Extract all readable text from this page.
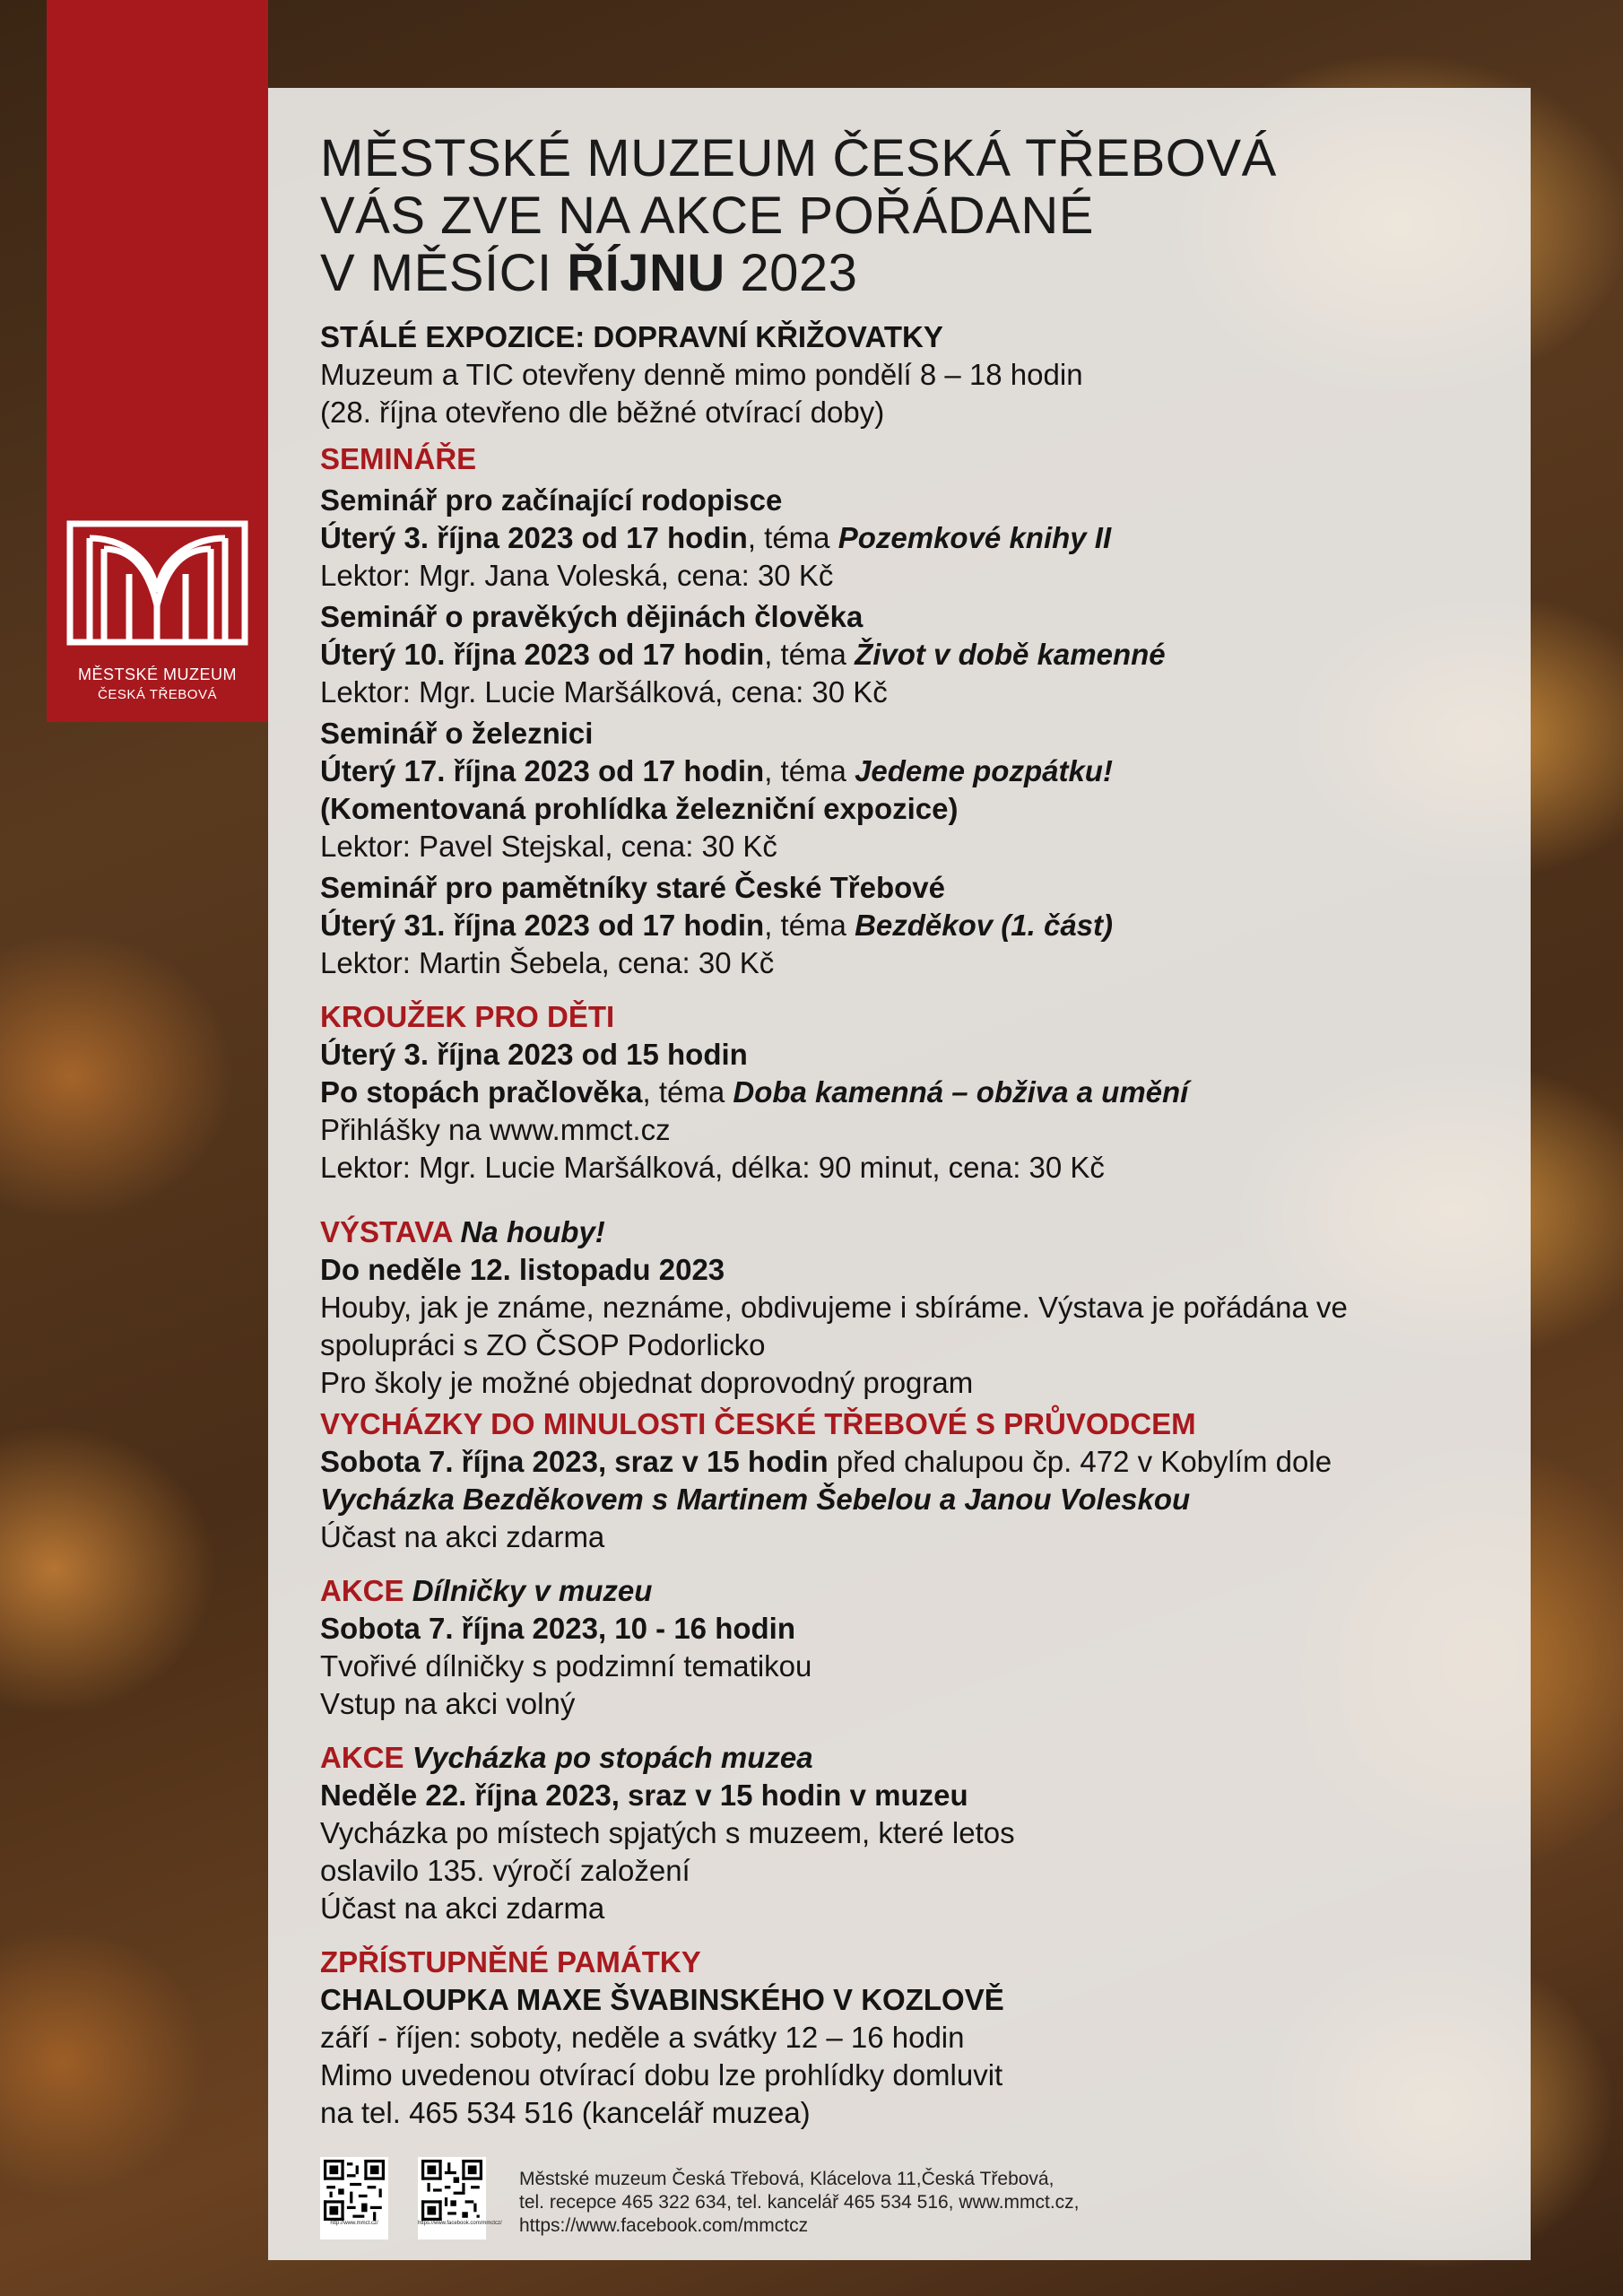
MĚSTSKÉ MUZEUM
ČESKÁ TŘEBOVÁ
MĚSTSKÉ MUZEUM ČESKÁ TŘEBOVÁ
VÁS ZVE NA AKCE POŘÁDANÉ
V MĚSÍCI ŘÍJNU 2023
STÁLÉ EXPOZICE: DOPRAVNÍ KŘIŽOVATKY
Muzeum a TIC otevřeny denně mimo pondělí 8 – 18 hodin
(28. října otevřeno dle běžné otvírací doby)
SEMINÁŘE
Seminář pro začínající rodopisce
Úterý 3. října 2023 od 17 hodin, téma Pozemkové knihy II
Lektor: Mgr. Jana Voleská, cena: 30 Kč
Seminář o pravěkých dějinách člověka
Úterý 10. října 2023 od 17 hodin, téma Život v době kamenné
Lektor: Mgr. Lucie Maršálková, cena: 30 Kč
Seminář o železnici
Úterý 17. října 2023 od 17 hodin, téma Jedeme pozpátku!
(Komentovaná prohlídka železniční expozice)
Lektor: Pavel Stejskal, cena: 30 Kč
Seminář pro pamětníky staré České Třebové
Úterý 31. října 2023 od 17 hodin, téma Bezděkov (1. část)
Lektor: Martin Šebela, cena: 30 Kč
KROUŽEK PRO DĚTI
Úterý 3. října 2023 od 15 hodin
Po stopách pračlověka, téma Doba kamenná – obživa a umění
Přihlášky na www.mmct.cz
Lektor: Mgr. Lucie Maršálková, délka: 90 minut, cena: 30 Kč
VÝSTAVA Na houby!
Do neděle 12. listopadu 2023
Houby, jak je známe, neznáme, obdivujeme i sbíráme. Výstava je pořádána ve
spolupráci s ZO ČSOP Podorlicko
Pro školy je možné objednat doprovodný program
VYCHÁZKY DO MINULOSTI ČESKÉ TŘEBOVÉ S PRŮVODCEM
Sobota 7. října 2023, sraz v 15 hodin před chalupou čp. 472 v Kobylím dole
Vycházka Bezděkovem s Martinem Šebelou a Janou Voleskou
Účast na akci zdarma
AKCE Dílničky v muzeu
Sobota 7. října 2023, 10 - 16 hodin
Tvořivé dílničky s podzimní tematikou
Vstup na akci volný
AKCE Vycházka po stopách muzea
Neděle 22. října 2023, sraz v 15 hodin v muzeu
Vycházka po místech spjatých s muzeem, které letos
oslavilo 135. výročí založení
Účast na akci zdarma
ZPŘÍSTUPNĚNÉ PAMÁTKY
CHALOUPKA MAXE ŠVABINSKÉHO V KOZLOVĚ
září - říjen: soboty, neděle a svátky 12 – 16 hodin
Mimo uvedenou otvírací dobu lze prohlídky domluvit
na tel. 465 534 516 (kancelář muzea)
http://www.mmct.cz/	https://www.facebook.com/mmctcz/
Městské muzeum Česká Třebová, Klácelova 11,Česká Třebová,
tel. recepce 465 322 634, tel. kancelář 465 534 516, www.mmct.cz,
https://www.facebook.com/mmctcz
